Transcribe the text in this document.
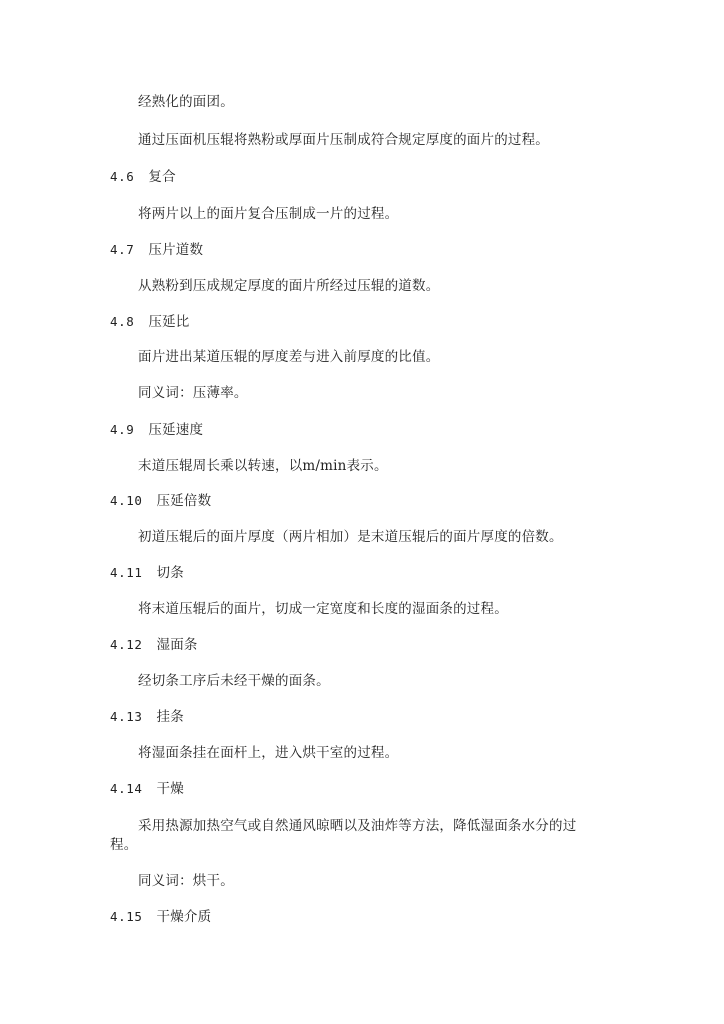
经熟化的面团。
通过压面机压辊将熟粉或厚面片压制成符合规定厚度的面片的过程。
4.6 复合
将两片以上的面片复合压制成一片的过程。
4.7 压片道数
从熟粉到压成规定厚度的面片所经过压辊的道数。
4.8 压延比
面片进出某道压辊的厚度差与进入前厚度的比值。
同义词：压薄率。
4.9 压延速度
末道压辊周长乘以转速，以m/min表示。
4.10 压延倍数
初道压辊后的面片厚度（两片相加）是末道压辊后的面片厚度的倍数。
4.11 切条
将末道压辊后的面片，切成一定宽度和长度的湿面条的过程。
4.12 湿面条
经切条工序后未经干燥的面条。
4.13 挂条
将湿面条挂在面杆上，进入烘干室的过程。
4.14 干燥
采用热源加热空气或自然通风晾晒以及油炸等方法，降低湿面条水分的过程。
同义词：烘干。
4.15 干燥介质
